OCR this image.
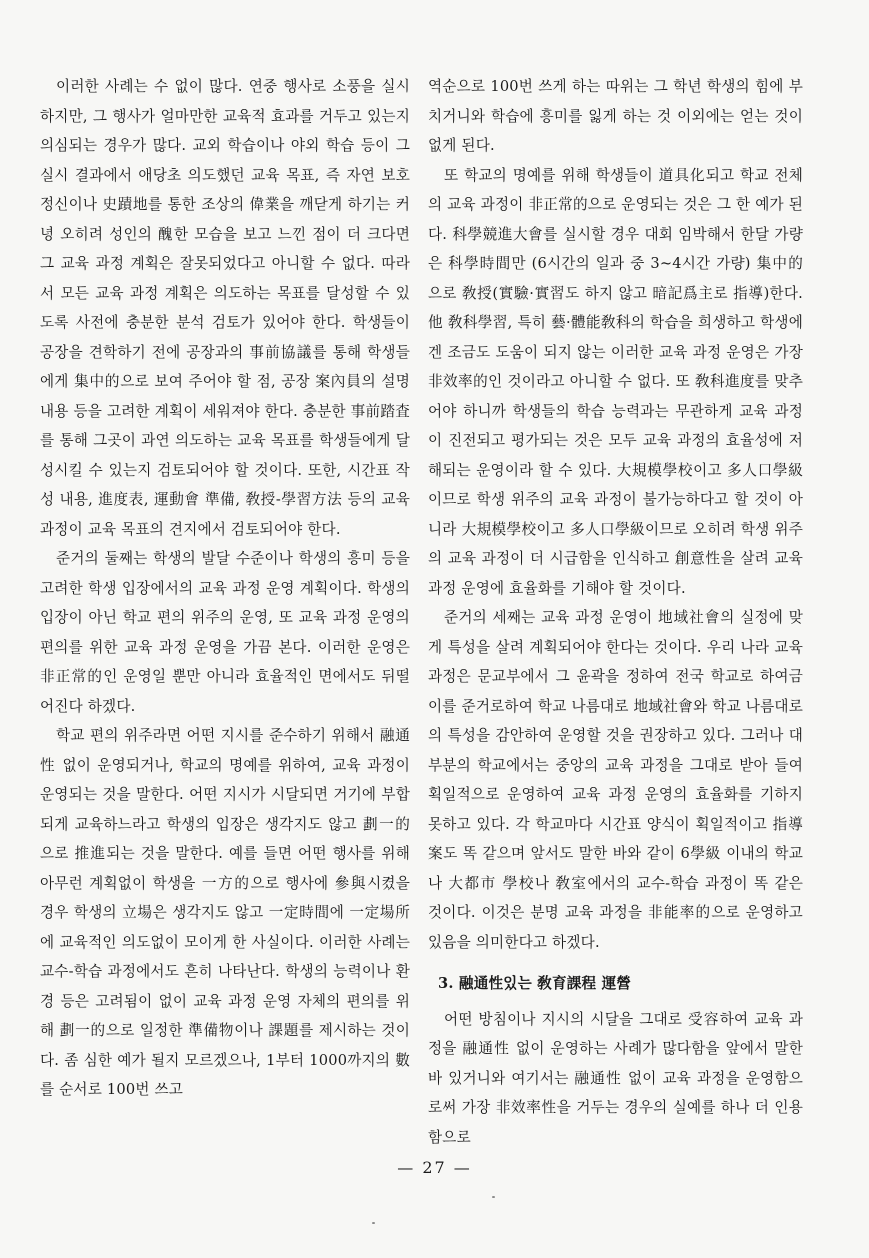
이러한 사례는 수 없이 많다. 연중 행사로 소풍을 실시하지만, 그 행사가 얼마만한 교육적 효과를 거두고 있는지 의심되는 경우가 많다. 교외 학습이나 야외 학습 등이 그 실시 결과에서 애당초 의도했던 교육 목표, 즉 자연 보호정신이나 史蹟地를 통한 조상의 偉業을 깨닫게 하기는 커녕 오히려 성인의 醜한 모습을 보고 느낀 점이 더 크다면 그 교육 과정 계획은 잘못되었다고 아니할 수 없다. 따라서 모든 교육 과정 계획은 의도하는 목표를 달성할 수 있도록 사전에 충분한 분석 검토가 있어야 한다. 학생들이 공장을 견학하기 전에 공장과의 事前協議를 통해 학생들에게 集中的으로 보여 주어야 할 점, 공장 案內員의 설명 내용 등을 고려한 계획이 세워져야 한다. 충분한 事前踏査를 통해 그곳이 과연 의도하는 교육 목표를 학생들에게 달성시킬 수 있는지 검토되어야 할 것이다. 또한, 시간표 작성 내용, 進度表, 運動會 準備, 敎授-學習方法 등의 교육 과정이 교육 목표의 견지에서 검토되어야 한다.

준거의 둘째는 학생의 발달 수준이나 학생의 흥미 등을 고려한 학생 입장에서의 교육 과정 운영 계획이다. 학생의 입장이 아닌 학교 편의 위주의 운영, 또 교육 과정 운영의 편의를 위한 교육 과정 운영을 가끔 본다. 이러한 운영은 非正常的인 운영일 뿐만 아니라 효율적인 면에서도 뒤떨어진다 하겠다.

학교 편의 위주라면 어떤 지시를 준수하기 위해서 融通性 없이 운영되거나, 학교의 명예를 위하여, 교육 과정이 운영되는 것을 말한다. 어떤 지시가 시달되면 거기에 부합되게 교육하느라고 학생의 입장은 생각지도 않고 劃一的으로 推進되는 것을 말한다. 예를 들면 어떤 행사를 위해 아무런 계획없이 학생을 一方的으로 행사에 參與시켰을 경우 학생의 立場은 생각지도 않고 一定時間에 一定場所에 교육적인 의도없이 모이게 한 사실이다. 이러한 사례는 교수-학습 과정에서도 흔히 나타난다. 학생의 능력이나 환경 등은 고려됨이 없이 교육 과정 운영 자체의 편의를 위해 劃一的으로 일정한 準備物이나 課題를 제시하는 것이다. 좀 심한 예가 될지 모르겠으나, 1부터 1000까지의 數를 순서로 100번 쓰고

역순으로 100번 쓰게 하는 따위는 그 학년 학생의 힘에 부치거니와 학습에 흥미를 잃게 하는 것 이외에는 얻는 것이 없게 된다.

또 학교의 명예를 위해 학생들이 道具化되고 학교 전체의 교육 과정이 非正常的으로 운영되는 것은 그 한 예가 된다. 科學競進大會를 실시할 경우 대회 임박해서 한달 가량은 科學時間만 (6시간의 일과 중 3~4시간 가량) 集中的으로 敎授(實驗·實習도 하지 않고 暗記爲主로 指導)한다. 他 敎科學習, 특히 藝·體能敎科의 학습을 희생하고 학생에겐 조금도 도움이 되지 않는 이러한 교육 과정 운영은 가장 非效率的인 것이라고 아니할 수 없다. 또 敎科進度를 맞추어야 하니까 학생들의 학습 능력과는 무관하게 교육 과정이 진전되고 평가되는 것은 모두 교육 과정의 효율성에 저해되는 운영이라 할 수 있다. 大規模學校이고 多人口學級이므로 학생 위주의 교육 과정이 불가능하다고 할 것이 아니라 大規模學校이고 多人口學級이므로 오히려 학생 위주의 교육 과정이 더 시급함을 인식하고 創意性을 살려 교육 과정 운영에 효율화를 기해야 할 것이다.

준거의 세째는 교육 과정 운영이 地域社會의 실정에 맞게 특성을 살려 계획되어야 한다는 것이다. 우리 나라 교육 과정은 문교부에서 그 윤곽을 정하여 전국 학교로 하여금 이를 준거로하여 학교 나름대로 地域社會와 학교 나름대로의 특성을 감안하여 운영할 것을 권장하고 있다. 그러나 대부분의 학교에서는 중앙의 교육 과정을 그대로 받아 들여 획일적으로 운영하여 교육 과정 운영의 효율화를 기하지 못하고 있다. 각 학교마다 시간표 양식이 획일적이고 指導案도 똑 같으며 앞서도 말한 바와 같이 6學級 이내의 학교나 大都市 學校나 敎室에서의 교수-학습 과정이 똑 같은 것이다. 이것은 분명 교육 과정을 非能率的으로 운영하고 있음을 의미한다고 하겠다.

3. 融通性있는 敎育課程 運營

어떤 방침이나 지시의 시달을 그대로 受容하여 교육 과정을 融通性 없이 운영하는 사례가 많다함을 앞에서 말한 바 있거니와 여기서는 融通性 없이 교육 과정을 운영함으로써 가장 非效率性을 거두는 경우의 실예를 하나 더 인용함으로

— 27 —
